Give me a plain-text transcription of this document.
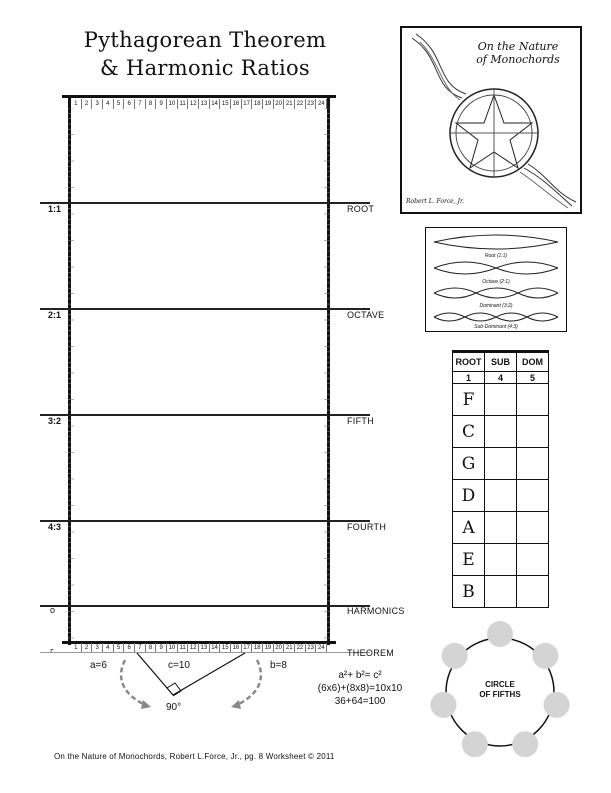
Pythagorean Theorem
& Harmonic Ratios
1	2	3	4	5	6	7	8	9 10 11 12 13 14 15 16 17 18 19 20 21 22 23 24
1	2	3	4	5	6	7	8	9 10 11 12 13 14 15 16 17 18 19 20 21 22 23 24
1:1	ROOT
2:1	OCTAVE
3:2	FIFTH
4:3	FOURTH
o	HARMONICS
⌜	THEOREM
a=6	c=10	b=8
90°
a²+ b²= c²
(6x6)+(8x8)=10x10
36+64=100
On the Nature
of Monochords
Robert L. Force, Jr.
Root (1:1)
Octave (2:1)
Dominant (3:2)
Sub-Dominant (4:3)
ROOT	SUB	DOM
1	4	5
F		
C		
G		
D		
A		
E		
B		
CIRCLE
OF FIFTHS
On the Nature of Monochords, Robert L.Force, Jr., pg. 8 Worksheet © 2011
